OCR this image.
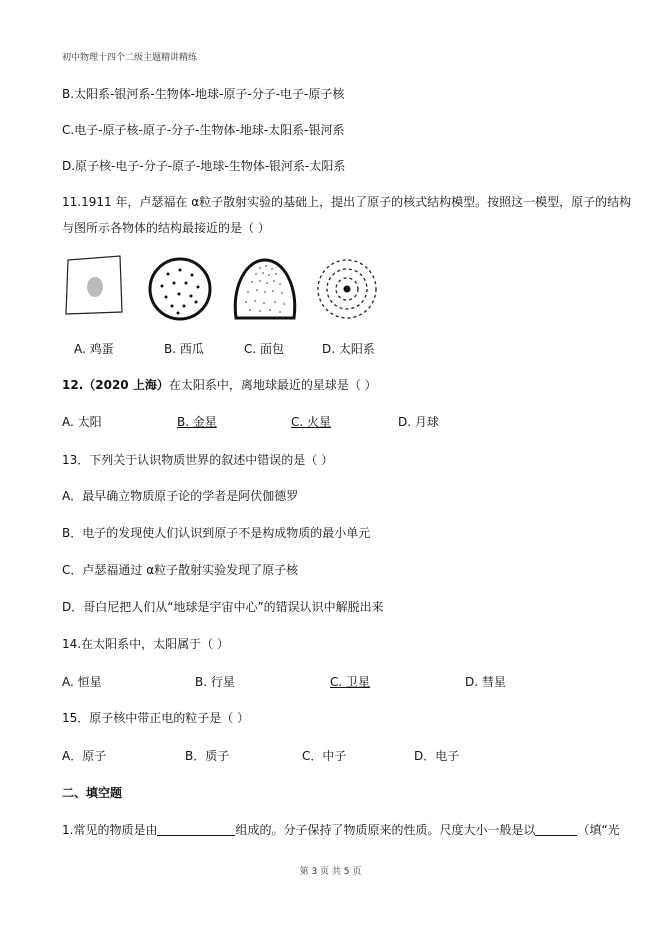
初中物理十四个二级主题精讲精练
B.太阳系-银河系-生物体-地球-原子-分子-电子-原子核
C.电子-原子核-原子-分子-生物体-地球-太阳系-银河系
D.原子核-电子-分子-原子-地球-生物体-银河系-太阳系
11.1911 年，卢瑟福在 α粒子散射实验的基础上，提出了原子的核式结构模型。按照这一模型，原子的结构
与图所示各物体的结构最接近的是（ ）
A. 鸡蛋	B. 西瓜	C. 面包	D. 太阳系
12.（2020 上海）在太阳系中，离地球最近的星球是（ ）
A. 太阳	B. 金星	C. 火星	D. 月球
13．下列关于认识物质世界的叙述中错误的是（ ）
A．最早确立物质原子论的学者是阿伏伽德罗
B．电子的发现使人们认识到原子不是构成物质的最小单元
C．卢瑟福通过 α粒子散射实验发现了原子核
D．哥白尼把人们从“地球是宇宙中心”的错误认识中解脱出来
14.在太阳系中，太阳属于（ ）
A. 恒星	B. 行星	C. 卫星	D. 彗星
15．原子核中带正电的粒子是（ ）
A．原子	B．质子	C．中子	D．电子
二、填空题
1.常见的物质是由	组成的。分子保持了物质原来的性质。尺度大小一般是以	（填“光
第 3 页 共 5 页
